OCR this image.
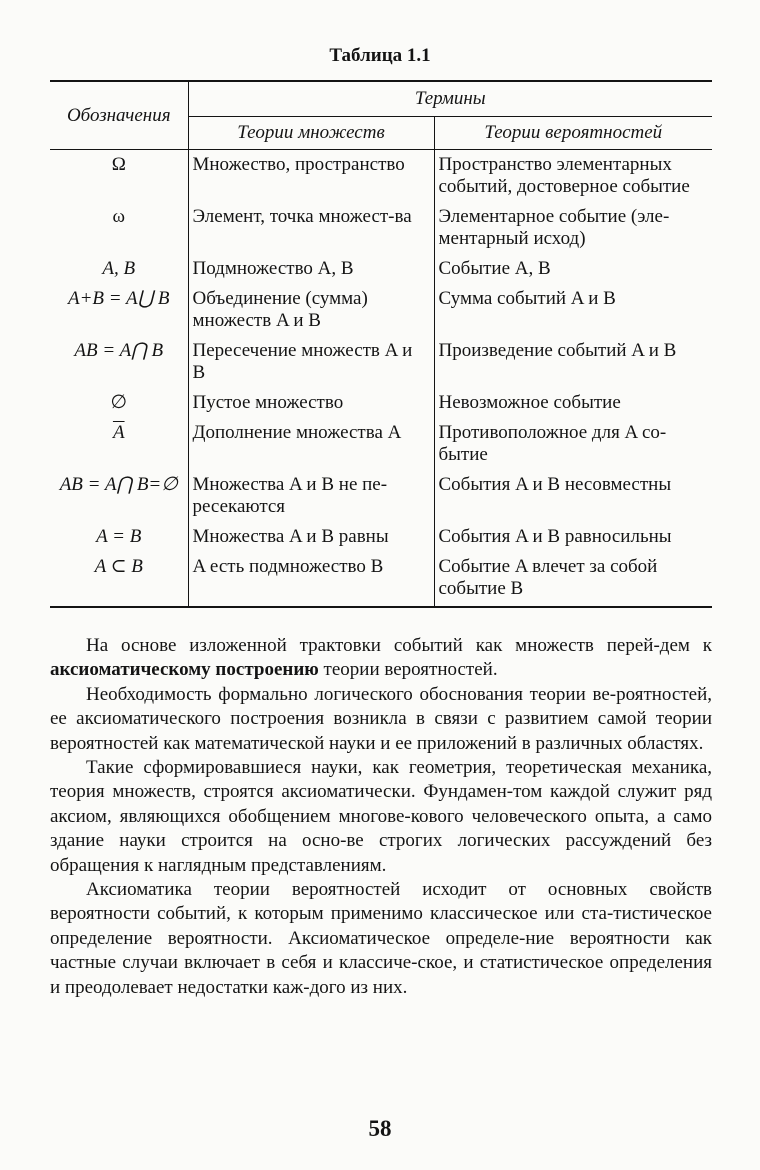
Таблица 1.1
Обозначения	Термины	
	Теории множеств	Теории вероятностей
Ω	Множество, пространство	Пространство элементарных событий, достоверное событие
ω	Элемент, точка множест-ва	Элементарное событие (эле-ментарный исход)
A, B	Подмножество A, B	Событие A, B
A+B = A⋃ B	Объединение (сумма) множеств A и B	Сумма событий A и B
AB = A⋂ B	Пересечение множеств A и B	Произведение событий A и B
∅	Пустое множество	Невозможное событие
$\overline{A}$	Дополнение множества A	Противоположное для A со-бытие
AB = A⋂ B=∅	Множества A и B не пе-ресекаются	События A и B несовместны
A = B	Множества A и B равны	События A и B равносильны
A ⊂ B	A есть подмножество B	Событие A влечет за собой событие B

На основе изложенной трактовки событий как множеств перей-дем к аксиоматическому построению теории вероятностей.

Необходимость формально логического обоснования теории ве-роятностей, ее аксиоматического построения возникла в связи с развитием самой теории вероятностей как математической науки и ее приложений в различных областях.

Такие сформировавшиеся науки, как геометрия, теоретическая механика, теория множеств, строятся аксиоматически. Фундамен-том каждой служит ряд аксиом, являющихся обобщением многове-кового человеческого опыта, а само здание науки строится на осно-ве строгих логических рассуждений без обращения к наглядным представлениям.

Аксиоматика теории вероятностей исходит от основных свойств вероятности событий, к которым применимо классическое или ста-тистическое определение вероятности. Аксиоматическое определе-ние вероятности как частные случаи включает в себя и классиче-ское, и статистическое определения и преодолевает недостатки каж-дого из них.

58
